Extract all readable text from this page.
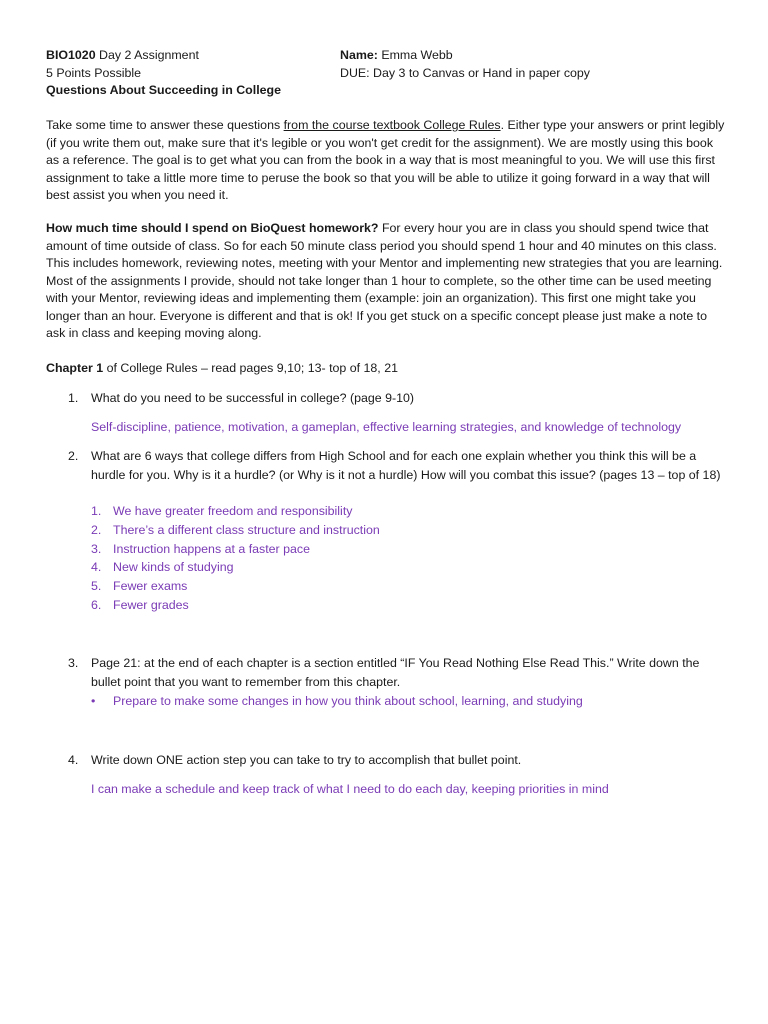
BIO1020 Day 2 Assignment	Name: Emma Webb
5 Points Possible	DUE: Day 3 to Canvas or Hand in paper copy
Questions About Succeeding in College
Take some time to answer these questions from the course textbook College Rules. Either type your answers or print legibly (if you write them out, make sure that it's legible or you won't get credit for the assignment). We are mostly using this book as a reference. The goal is to get what you can from the book in a way that is most meaningful to you. We will use this first assignment to take a little more time to peruse the book so that you will be able to utilize it going forward in a way that will best assist you when you need it.
How much time should I spend on BioQuest homework? For every hour you are in class you should spend twice that amount of time outside of class. So for each 50 minute class period you should spend 1 hour and 40 minutes on this class. This includes homework, reviewing notes, meeting with your Mentor and implementing new strategies that you are learning. Most of the assignments I provide, should not take longer than 1 hour to complete, so the other time can be used meeting with your Mentor, reviewing ideas and implementing them (example: join an organization). This first one might take you longer than an hour. Everyone is different and that is ok! If you get stuck on a specific concept please just make a note to ask in class and keeping moving along.
Chapter 1 of College Rules – read pages 9,10; 13- top of 18, 21
1. What do you need to be successful in college? (page 9-10)
Self-discipline, patience, motivation, a gameplan, effective learning strategies, and knowledge of technology
2. What are 6 ways that college differs from High School and for each one explain whether you think this will be a hurdle for you. Why is it a hurdle? (or Why is it not a hurdle) How will you combat this issue? (pages 13 – top of 18)
1. We have greater freedom and responsibility
2. There’s a different class structure and instruction
3. Instruction happens at a faster pace
4. New kinds of studying
5. Fewer exams
6. Fewer grades
3. Page 21: at the end of each chapter is a section entitled “IF You Read Nothing Else Read This.” Write down the bullet point that you want to remember from this chapter.
• Prepare to make some changes in how you think about school, learning, and studying
4. Write down ONE action step you can take to try to accomplish that bullet point.
I can make a schedule and keep track of what I need to do each day, keeping priorities in mind
